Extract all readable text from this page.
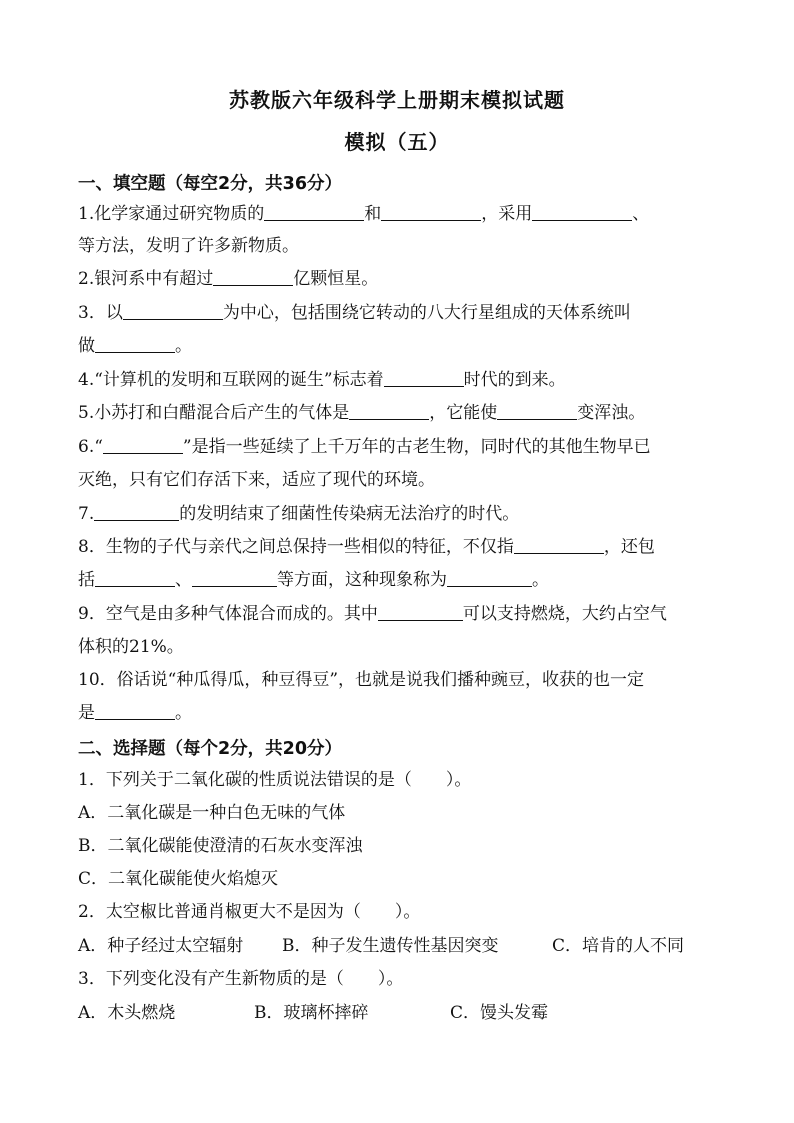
苏教版六年级科学上册期末模拟试题
模拟（五）
一、填空题（每空2分，共36分）
1.化学家通过研究物质的	和	，采用	、
等方法，发明了许多新物质。
2.银河系中有超过	亿颗恒星。
3．以	为中心，包括围绕它转动的八大行星组成的天体系统叫
做	。
4.“计算机的发明和互联网的诞生”标志着	时代的到来。
5.小苏打和白醋混合后产生的气体是	，它能使	变浑浊。
6.“	”是指一些延续了上千万年的古老生物，同时代的其他生物早已
灭绝，只有它们存活下来，适应了现代的环境。
7.	的发明结束了细菌性传染病无法治疗的时代。
8．生物的子代与亲代之间总保持一些相似的特征，不仅指	，还包
括	、	等方面，这种现象称为	。
9．空气是由多种气体混合而成的。其中	可以支持燃烧，大约占空气
体积的21%。
10．俗话说“种瓜得瓜，种豆得豆”，也就是说我们播种豌豆，收获的也一定
是	。
二、选择题（每个2分，共20分）
1．下列关于二氧化碳的性质说法错误的是（　　）。
A．二氧化碳是一种白色无味的气体
B．二氧化碳能使澄清的石灰水变浑浊
C．二氧化碳能使火焰熄灭
2．太空椒比普通肖椒更大不是因为（　　）。
A．种子经过太空辐射 B．种子发生遗传性基因突变	C．培肯的人不同
3．下列变化没有产生新物质的是（　　）。
A．木头燃烧	B．玻璃杯摔碎	C．馒头发霉
